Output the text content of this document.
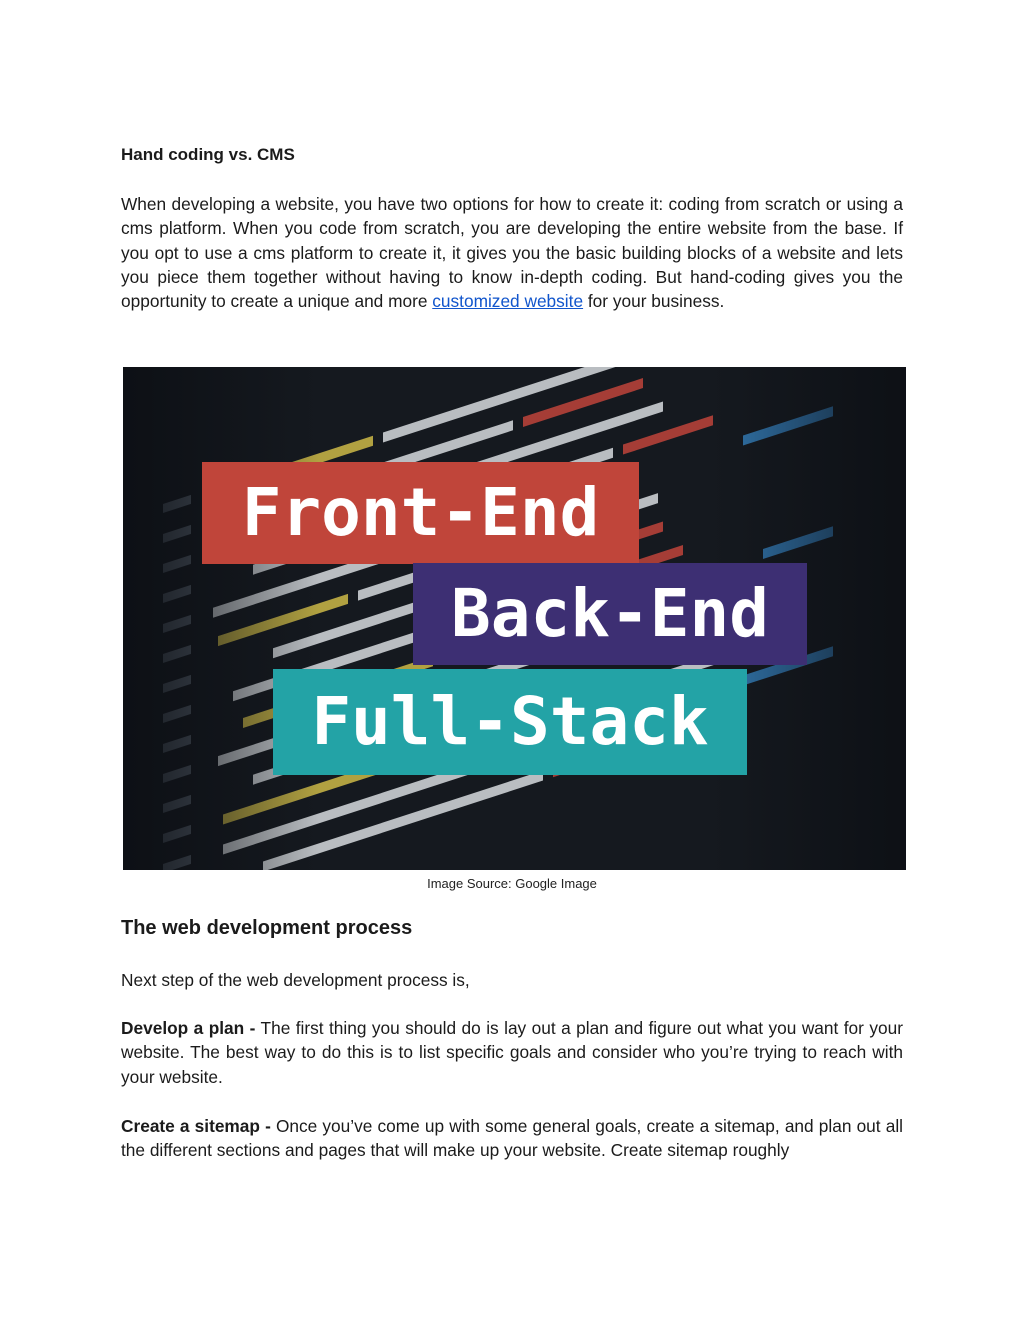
Hand coding vs. CMS

When developing a website, you have two options for how to create it: coding from scratch or using a cms platform. When you code from scratch, you are developing the entire website from the base. If you opt to use a cms platform to create it, it gives you the basic building blocks of a website and lets you piece them together without having to know in-depth coding. But hand-coding gives you the opportunity to create a unique and more customized website for your business.

Front-End
Back-End
Full-Stack
Image Source: Google Image

The web development process

Next step of the web development process is,

Develop a plan - The first thing you should do is lay out a plan and figure out what you want for your website. The best way to do this is to list specific goals and consider who you’re trying to reach with your website.

Create a sitemap - Once you’ve come up with some general goals, create a sitemap, and plan out all the different sections and pages that will make up your website. Create sitemap roughly
